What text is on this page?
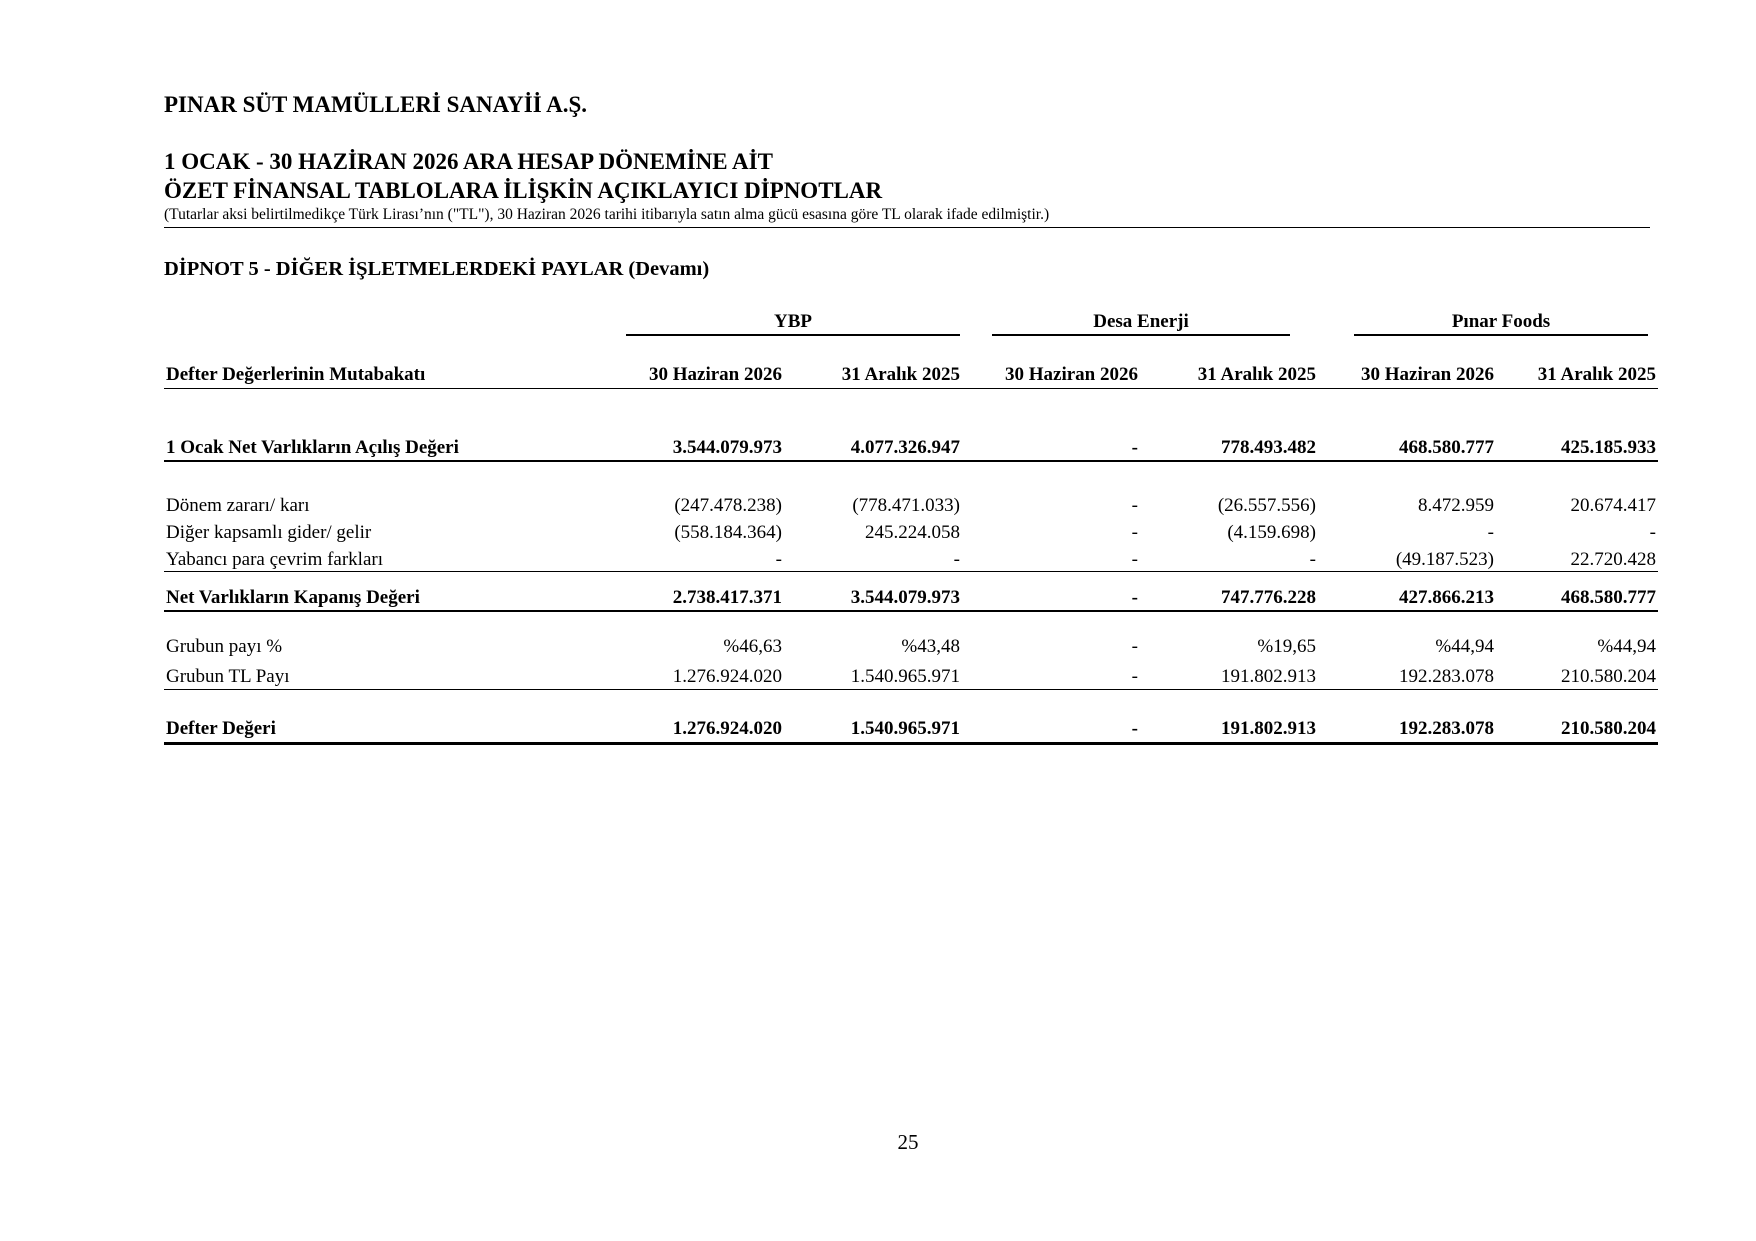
PINAR SÜT MAMÜLLERİ SANAYİİ A.Ş.
1 OCAK - 30 HAZİRAN 2026 ARA HESAP DÖNEMİNE AİT
ÖZET FİNANSAL TABLOLARA İLİŞKİN AÇIKLAYICI DİPNOTLAR
(Tutarlar aksi belirtilmedikçe Türk Lirası’nın ("TL"), 30 Haziran 2026 tarihi itibarıyla satın alma gücü esasına göre TL olarak ifade edilmiştir.)
DİPNOT 5 - DİĞER İŞLETMELERDEKİ PAYLAR (Devamı)

	YBP		Desa Enerji		Pınar Foods	

Defter Değerlerinin Mutabakatı	30 Haziran 2026	31 Aralık 2025	30 Haziran 2026	31 Aralık 2025	30 Haziran 2026	31 Aralık 2025

1 Ocak Net Varlıkların Açılış Değeri	3.544.079.973	4.077.326.947	-	778.493.482	468.580.777	425.185.933

Dönem zararı/ karı	(247.478.238)	(778.471.033)	-	(26.557.556)	8.472.959	20.674.417
Diğer kapsamlı gider/ gelir	(558.184.364)	245.224.058	-	(4.159.698)	-	-
Yabancı para çevrim farkları	-	-	-	-	(49.187.523)	22.720.428

Net Varlıkların Kapanış Değeri	2.738.417.371	3.544.079.973	-	747.776.228	427.866.213	468.580.777

Grubun payı %	%46,63	%43,48	-	%19,65	%44,94	%44,94
Grubun TL Payı	1.276.924.020	1.540.965.971	-	191.802.913	192.283.078	210.580.204

Defter Değeri	1.276.924.020	1.540.965.971	-	191.802.913	192.283.078	210.580.204
25
